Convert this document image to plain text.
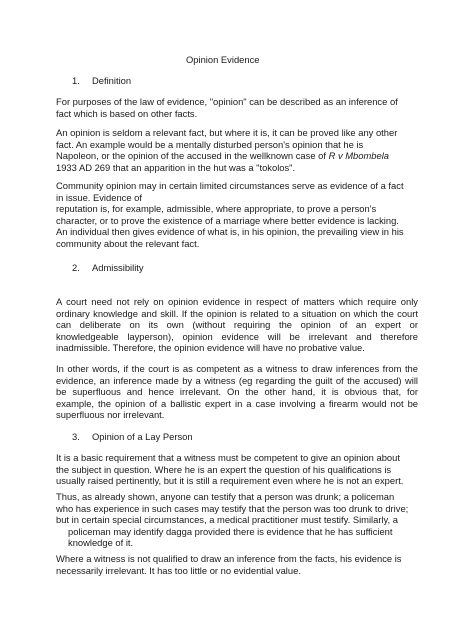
Opinion Evidence
1. Definition
For purposes of the law of evidence, "opinion" can be described as an inference of
fact which is based on other facts.
An opinion is seldom a relevant fact, but where it is, it can be proved like any other
fact. An example would be a mentally disturbed person's opinion that he is
Napoleon, or the opinion of the accused in the wellknown case of R v Mbombela
1933 AD 269 that an apparition in the hut was a "tokolos".
Community opinion may in certain limited circumstances serve as evidence of a fact
in issue. Evidence of
reputation is, for example, admissible, where appropriate, to prove a person's
character, or to prove the existence of a marriage where better evidence is lacking.
An individual then gives evidence of what is, in his opinion, the prevailing view in his
community about the relevant fact.
2. Admissibility
A court need not rely on opinion evidence in respect of matters which require only
ordinary knowledge and skill. If the opinion is related to a situation on which the court
can deliberate on its own (without requiring the opinion of an expert or
knowledgeable layperson), opinion evidence will be irrelevant and therefore
inadmissible. Therefore, the opinion evidence will have no probative value.
In other words, if the court is as competent as a witness to draw inferences from the
evidence, an inference made by a witness (eg regarding the guilt of the accused) will
be superfluous and hence irrelevant. On the other hand, it is obvious that, for
example, the opinion of a ballistic expert in a case involving a firearm would not be
superfluous nor irrelevant.
3. Opinion of a Lay Person
It is a basic requirement that a witness must be competent to give an opinion about
the subject in question. Where he is an expert the question of his qualifications is
usually raised pertinently, but it is still a requirement even where he is not an expert.
Thus, as already shown, anyone can testify that a person was drunk; a policeman
who has experience in such cases may testify that the person was too drunk to drive;
but in certain special circumstances, a medical practitioner must testify. Similarly, a
policeman may identify dagga provided there is evidence that he has sufficient
knowledge of it.
Where a witness is not qualified to draw an inference from the facts, his evidence is
necessarily irrelevant. It has too little or no evidential value.
